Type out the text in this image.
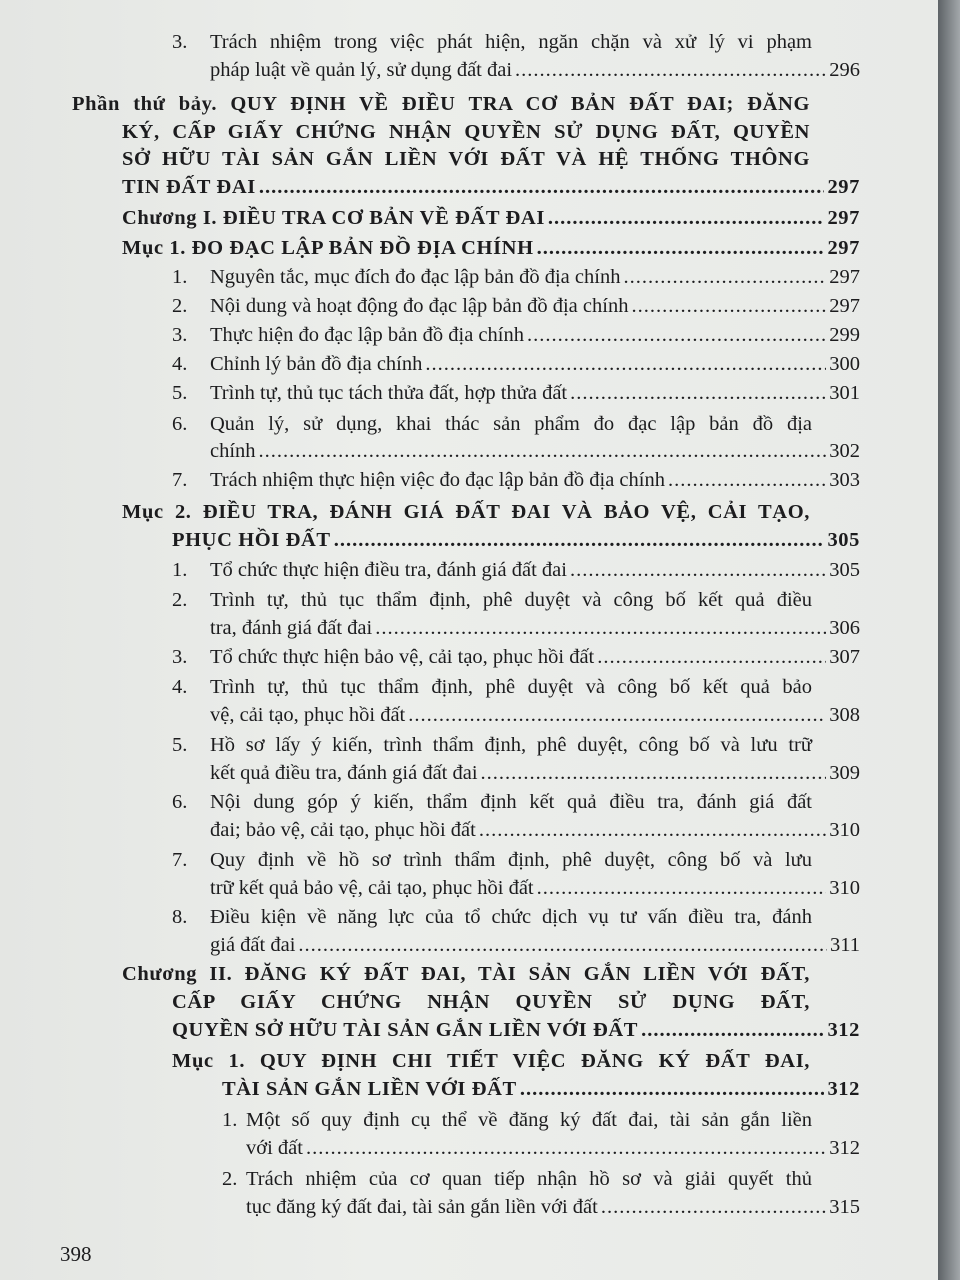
3. Trách nhiệm trong việc phát hiện, ngăn chặn và xử lý vi phạm
pháp luật về quản lý, sử dụng đất đai .....	296
Phần thứ bảy. QUY ĐỊNH VỀ ĐIỀU TRA CƠ BẢN ĐẤT ĐAI; ĐĂNG
KÝ, CẤP GIẤY CHỨNG NHẬN QUYỀN SỬ DỤNG ĐẤT, QUYỀN
SỞ HỮU TÀI SẢN GẮN LIỀN VỚI ĐẤT VÀ HỆ THỐNG THÔNG
TIN ĐẤT ĐAI .....	297
Chương I. ĐIỀU TRA CƠ BẢN VỀ ĐẤT ĐAI .....	297
Mục 1. ĐO ĐẠC LẬP BẢN ĐỒ ĐỊA CHÍNH .....	297
1. Nguyên tắc, mục đích đo đạc lập bản đồ địa chính .....	297
2. Nội dung và hoạt động đo đạc lập bản đồ địa chính .....	297
3. Thực hiện đo đạc lập bản đồ địa chính .....	299
4. Chỉnh lý bản đồ địa chính .....	300
5. Trình tự, thủ tục tách thửa đất, hợp thửa đất .....	301
6. Quản lý, sử dụng, khai thác sản phẩm đo đạc lập bản đồ địa
chính .....	302
7. Trách nhiệm thực hiện việc đo đạc lập bản đồ địa chính .....	303
Mục 2. ĐIỀU TRA, ĐÁNH GIÁ ĐẤT ĐAI VÀ BẢO VỆ, CẢI TẠO,
PHỤC HỒI ĐẤT .....	305
1. Tổ chức thực hiện điều tra, đánh giá đất đai .....	305
2. Trình tự, thủ tục thẩm định, phê duyệt và công bố kết quả điều
tra, đánh giá đất đai .....	306
3. Tổ chức thực hiện bảo vệ, cải tạo, phục hồi đất .....	307
4. Trình tự, thủ tục thẩm định, phê duyệt và công bố kết quả bảo
vệ, cải tạo, phục hồi đất .....	308
5. Hồ sơ lấy ý kiến, trình thẩm định, phê duyệt, công bố và lưu trữ
kết quả điều tra, đánh giá đất đai .....	309
6. Nội dung góp ý kiến, thẩm định kết quả điều tra, đánh giá đất
đai; bảo vệ, cải tạo, phục hồi đất .....	310
7. Quy định về hồ sơ trình thẩm định, phê duyệt, công bố và lưu
trữ kết quả bảo vệ, cải tạo, phục hồi đất .....	310
8. Điều kiện về năng lực của tổ chức dịch vụ tư vấn điều tra, đánh
giá đất đai .....	311
Chương II. ĐĂNG KÝ ĐẤT ĐAI, TÀI SẢN GẮN LIỀN VỚI ĐẤT,
CẤP GIẤY CHỨNG NHẬN QUYỀN SỬ DỤNG ĐẤT,
QUYỀN SỞ HỮU TÀI SẢN GẮN LIỀN VỚI ĐẤT .....	312
Mục 1. QUY ĐỊNH CHI TIẾT VIỆC ĐĂNG KÝ ĐẤT ĐAI,
TÀI SẢN GẮN LIỀN VỚI ĐẤT .....	312
1. Một số quy định cụ thể về đăng ký đất đai, tài sản gắn liền
với đất .....	312
2. Trách nhiệm của cơ quan tiếp nhận hồ sơ và giải quyết thủ
tục đăng ký đất đai, tài sản gắn liền với đất .....	315
398
